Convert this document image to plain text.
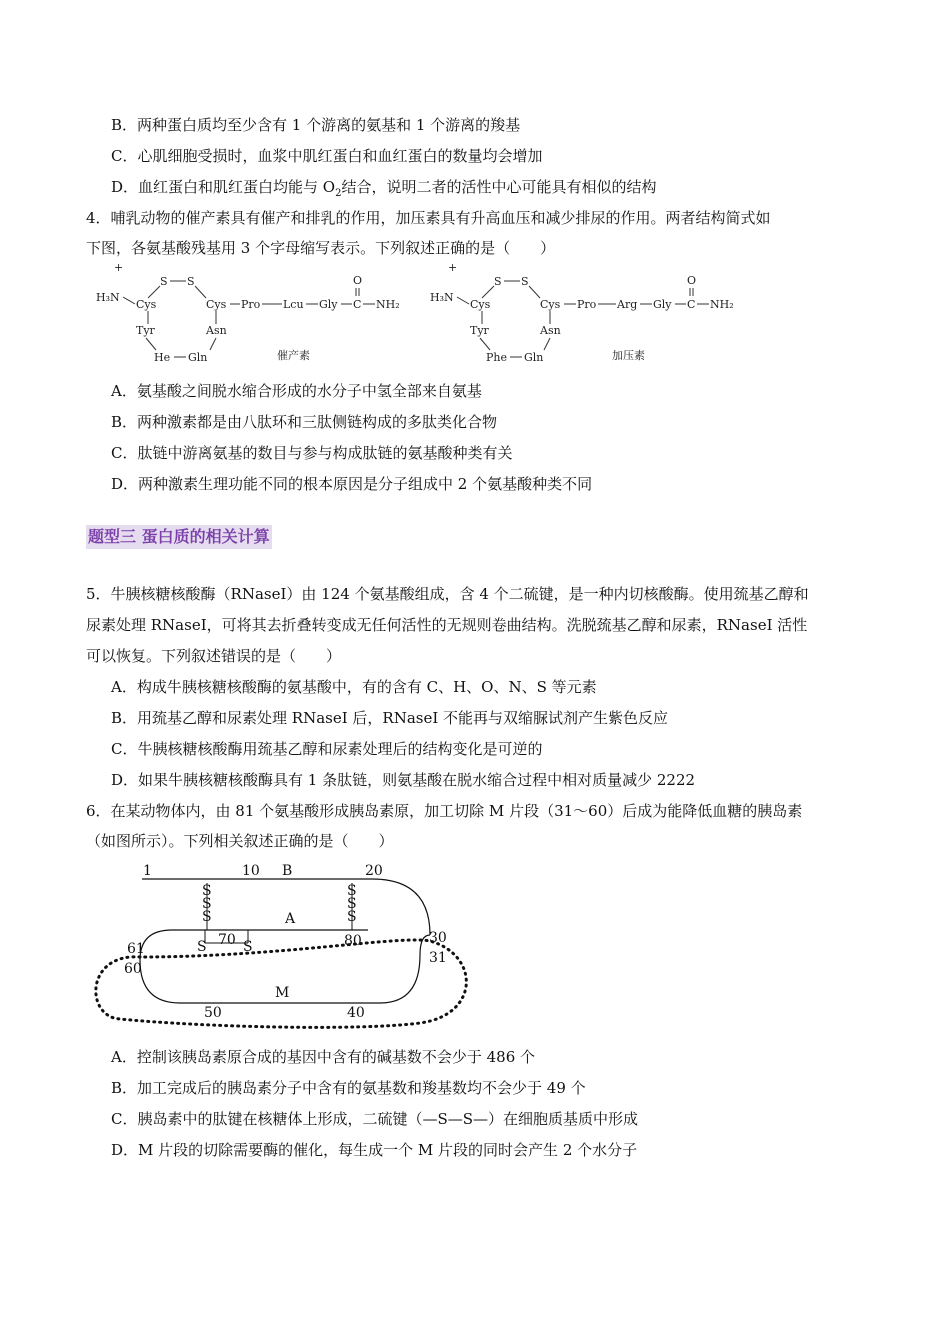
B．两种蛋白质均至少含有 1 个游离的氨基和 1 个游离的羧基
C．心肌细胞受损时，血浆中肌红蛋白和血红蛋白的数量均会增加
D．血红蛋白和肌红蛋白均能与 $O_2$结合，说明二者的活性中心可能具有相似的结构
4．哺乳动物的催产素具有催产和排乳的作用，加压素具有升高血压和减少排尿的作用。两者结构简式如
下图，各氨基酸残基用 3 个字母缩写表示。下列叙述正确的是（　　）
+
H₃N
Cys
S S
Cys Pro Lcu Gly
O
C NH₂
Tyr	Asn
He Gln	催产素
+
H₃N
Cys
S S
Cys Pro Arg Gly
O
C NH₂
Tyr	Asn
Phe Gln	加压素
A．氨基酸之间脱水缩合形成的水分子中氢全部来自氨基
B．两种激素都是由八肽环和三肽侧链构成的多肽类化合物
C．肽链中游离氨基的数目与参与构成肽链的氨基酸种类有关
D．两种激素生理功能不同的根本原因是分子组成中 2 个氨基酸种类不同
题型三 蛋白质的相关计算
5．牛胰核糖核酸酶（RNaseI）由 124 个氨基酸组成，含 4 个二硫键，是一种内切核酸酶。使用巯基乙醇和
尿素处理 RNaseI，可将其去折叠转变成无任何活性的无规则卷曲结构。洗脱巯基乙醇和尿素，RNaseI 活性
可以恢复。下列叙述错误的是（　　）
A．构成牛胰核糖核酸酶的氨基酸中，有的含有 C、H、O、N、S 等元素
B．用巯基乙醇和尿素处理 RNaseI 后，RNaseI 不能再与双缩脲试剂产生紫色反应
C．牛胰核糖核酸酶用巯基乙醇和尿素处理后的结构变化是可逆的
D．如果牛胰核糖核酸酶具有 1 条肽链，则氨基酸在脱水缩合过程中相对质量减少 2222
6．在某动物体内，由 81 个氨基酸形成胰岛素原，加工切除 M 片段（31～60）后成为能降低血糖的胰岛素
（如图所示）。下列相关叙述正确的是（　　）
1	10 B	20
S
S
S
S
S
S
A
S 70 S	80	30
31
61
60
M
50	40
A．控制该胰岛素原合成的基因中含有的碱基数不会少于 486 个
B．加工完成后的胰岛素分子中含有的氨基数和羧基数均不会少于 49 个
C．胰岛素中的肽键在核糖体上形成，二硫键（—S—S—）在细胞质基质中形成
D．M 片段的切除需要酶的催化，每生成一个 M 片段的同时会产生 2 个水分子
